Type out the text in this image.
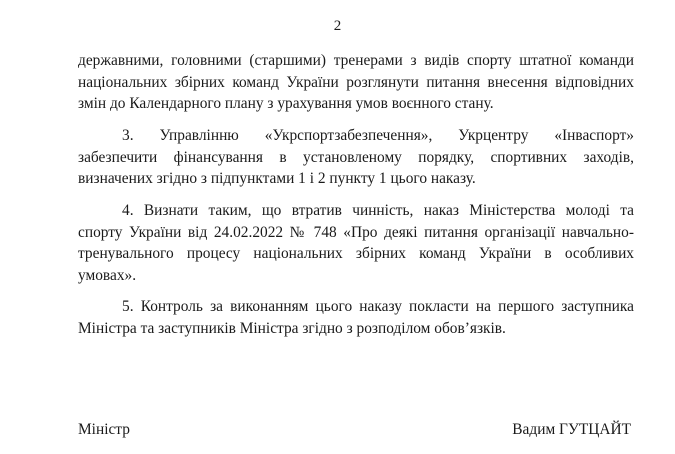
2
державними, головними (старшими) тренерами з видів спорту штатної команди
національних збірних команд України розглянути питання внесення відповідних
змін до Календарного плану з урахування умов воєнного стану.
3. Управлінню «Укрспортзабезпечення», Укрцентру «Інваспорт»
забезпечити фінансування в установленому порядку, спортивних заходів,
визначених згідно з підпунктами 1 і 2 пункту 1 цього наказу.
4. Визнати таким, що втратив чинність, наказ Міністерства молоді та
спорту України від 24.02.2022 № 748 «Про деякі питання організації навчально-
тренувального процесу національних збірних команд України в особливих
умовах».
5. Контроль за виконанням цього наказу покласти на першого заступника
Міністра та заступників Міністра згідно з розподілом обов’язків.
Міністр	Вадим ГУТЦАЙТ
